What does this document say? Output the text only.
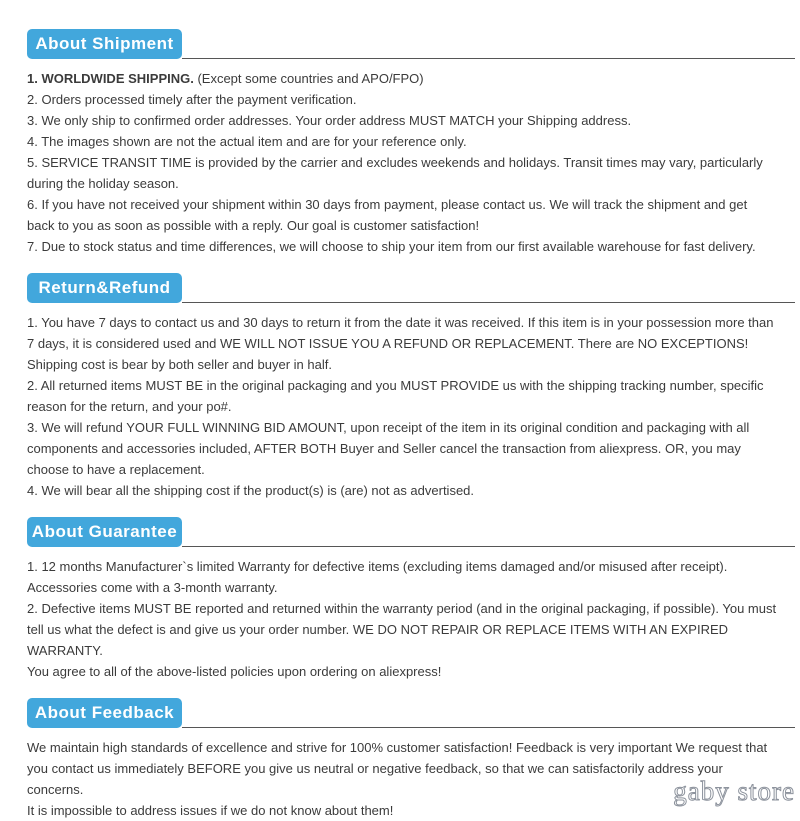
About Shipment

1. WORLDWIDE SHIPPING. (Except some countries and APO/FPO)

2. Orders processed timely after the payment verification.

3. We only ship to confirmed order addresses. Your order address MUST MATCH your Shipping address.

4. The images shown are not the actual item and are for your reference only.

5. SERVICE TRANSIT TIME is provided by the carrier and excludes weekends and holidays. Transit times may vary, particularly during the holiday season.

6. If you have not received your shipment within 30 days from payment, please contact us. We will track the shipment and get back to you as soon as possible with a reply. Our goal is customer satisfaction!

7. Due to stock status and time differences, we will choose to ship your item from our first available warehouse for fast delivery.

Return&Refund

1. You have 7 days to contact us and 30 days to return it from the date it was received. If this item is in your possession more than 7 days, it is considered used and WE WILL NOT ISSUE YOU A REFUND OR REPLACEMENT. There are NO EXCEPTIONS!

Shipping cost is bear by both seller and buyer in half.

2. All returned items MUST BE in the original packaging and you MUST PROVIDE us with the shipping tracking number, specific reason for the return, and your po#.

3. We will refund YOUR FULL WINNING BID AMOUNT, upon receipt of the item in its original condition and packaging with all components and accessories included, AFTER BOTH Buyer and Seller cancel the transaction from aliexpress. OR, you may choose to have a replacement.

4. We will bear all the shipping cost if the product(s) is (are) not as advertised.

About Guarantee

1. 12 months Manufacturer`s limited Warranty for defective items (excluding items damaged and/or misused after receipt). Accessories come with a 3-month warranty.

2. Defective items MUST BE reported and returned within the warranty period (and in the original packaging, if possible). You must tell us what the defect is and give us your order number. WE DO NOT REPAIR OR REPLACE ITEMS WITH AN EXPIRED WARRANTY.

You agree to all of the above-listed policies upon ordering on aliexpress!

About Feedback

We maintain high standards of excellence and strive for 100% customer satisfaction! Feedback is very important We request that you contact us immediately BEFORE you give us neutral or negative feedback, so that we can satisfactorily address your concerns.

It is impossible to address issues if we do not know about them!

gaby store
